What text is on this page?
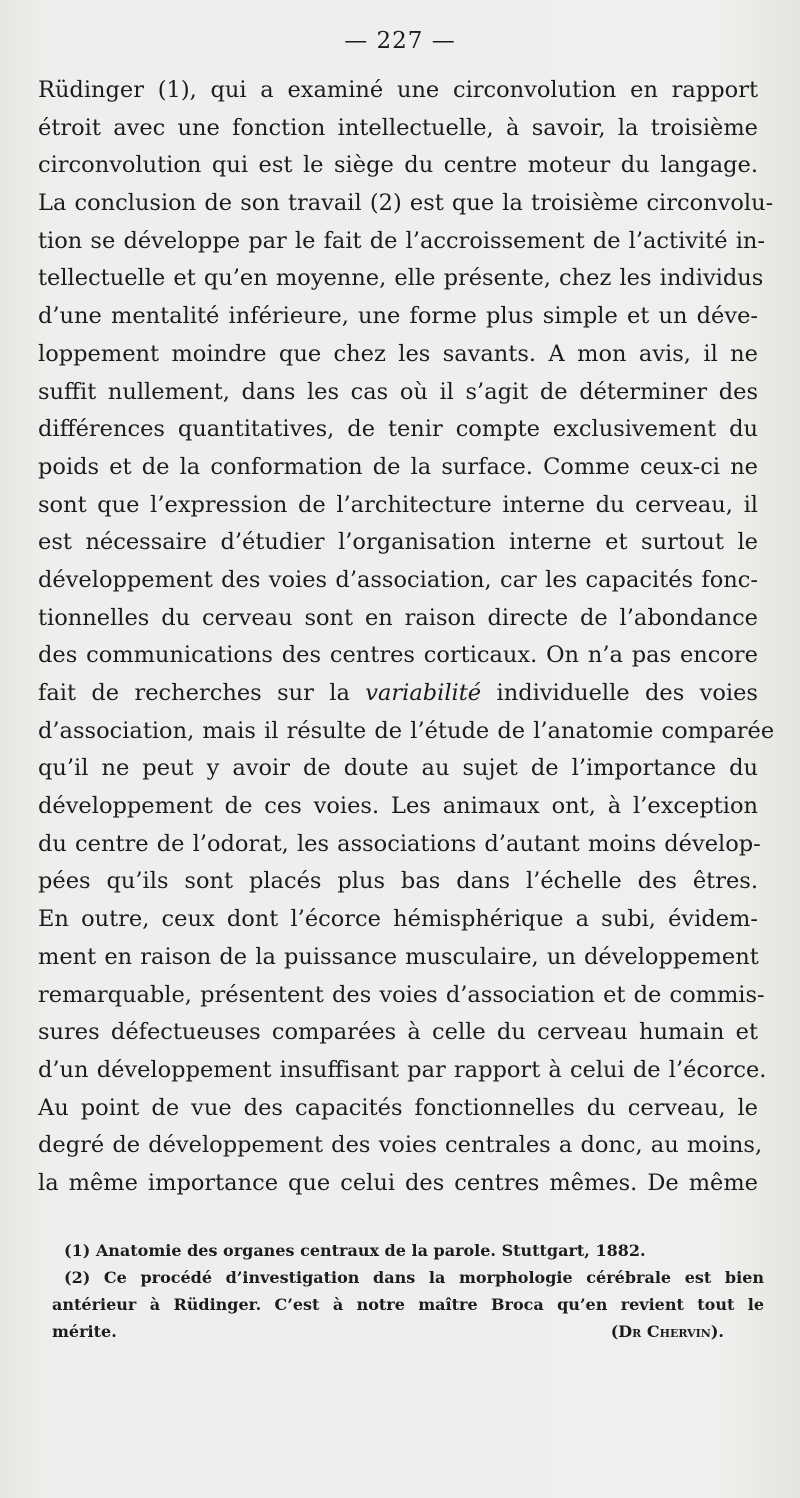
— 227 —
Rüdinger (1), qui a examiné une circonvolution en rapport
étroit avec une fonction intellectuelle, à savoir, la troisième
circonvolution qui est le siège du centre moteur du langage.
La conclusion de son travail (2) est que la troisième circonvolu-
tion se développe par le fait de l’accroissement de l’activité in-
tellectuelle et qu’en moyenne, elle présente, chez les individus
d’une mentalité inférieure, une forme plus simple et un déve-
loppement moindre que chez les savants. A mon avis, il ne
suffit nullement, dans les cas où il s’agit de déterminer des
différences quantitatives, de tenir compte exclusivement du
poids et de la conformation de la surface. Comme ceux-ci ne
sont que l’expression de l’architecture interne du cerveau, il
est nécessaire d’étudier l’organisation interne et surtout le
développement des voies d’association, car les capacités fonc-
tionnelles du cerveau sont en raison directe de l’abondance
des communications des centres corticaux. On n’a pas encore
fait de recherches sur la variabilité individuelle des voies
d’association, mais il résulte de l’étude de l’anatomie comparée
qu’il ne peut y avoir de doute au sujet de l’importance du
développement de ces voies. Les animaux ont, à l’exception
du centre de l’odorat, les associations d’autant moins dévelop-
pées qu’ils sont placés plus bas dans l’échelle des êtres.
En outre, ceux dont l’écorce hémisphérique a subi, évidem-
ment en raison de la puissance musculaire, un développement
remarquable, présentent des voies d’association et de commis-
sures défectueuses comparées à celle du cerveau humain et
d’un développement insuffisant par rapport à celui de l’écorce.
Au point de vue des capacités fonctionnelles du cerveau, le
degré de développement des voies centrales a donc, au moins,
la même importance que celui des centres mêmes. De même
(1) Anatomie des organes centraux de la parole. Stuttgart, 1882.
(2) Ce procédé d’investigation dans la morphologie cérébrale est bien
antérieur à Rüdinger. C’est à notre maître Broca qu’en revient tout le
mérite.	(Dr Chervin).
